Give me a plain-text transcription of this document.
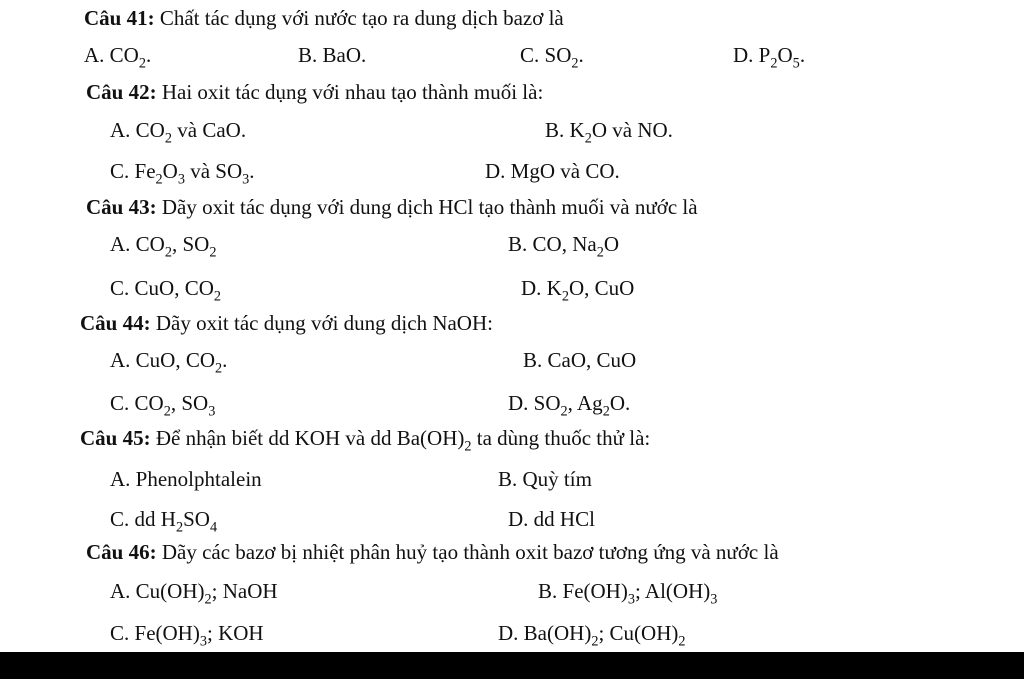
Câu 41: Chất tác dụng với nước tạo ra dung dịch bazơ là
A. $CO_2$.	B. BaO.	C. $SO_2$.	D. $P_2O_5$.
Câu 42: Hai oxit tác dụng với nhau tạo thành muối là:
A. $CO_2$ và CaO.	B. $K_2O$ và NO.
C. $Fe_2O_3$ và $SO_3$.	D. MgO và CO.
Câu 43: Dãy oxit tác dụng với dung dịch HCl tạo thành muối và nước là
A. $CO_2$, $SO_2$	B. CO, $Na_2O$
C. CuO, $CO_2$	D. $K_2O$, CuO
Câu 44: Dãy oxit tác dụng với dung dịch NaOH:
A. CuO, $CO_2$.	B. CaO, CuO
C. $CO_2$, $SO_3$	D. $SO_2$, $Ag_2O$.
Câu 45: Để nhận biết dd KOH và dd $Ba(OH)_2$ ta dùng thuốc thử là:
A. Phenolphtalein	B. Quỳ tím
C. dd $H_2SO_4$	D. dd HCl
Câu 46: Dãy các bazơ bị nhiệt phân huỷ tạo thành oxit bazơ tương ứng và nước là
A. $Cu(OH)_2$; NaOH	B. $Fe(OH)_3$; $Al(OH)_3$
C. $Fe(OH)_3$; KOH	D. $Ba(OH)_2$; $Cu(OH)_2$
